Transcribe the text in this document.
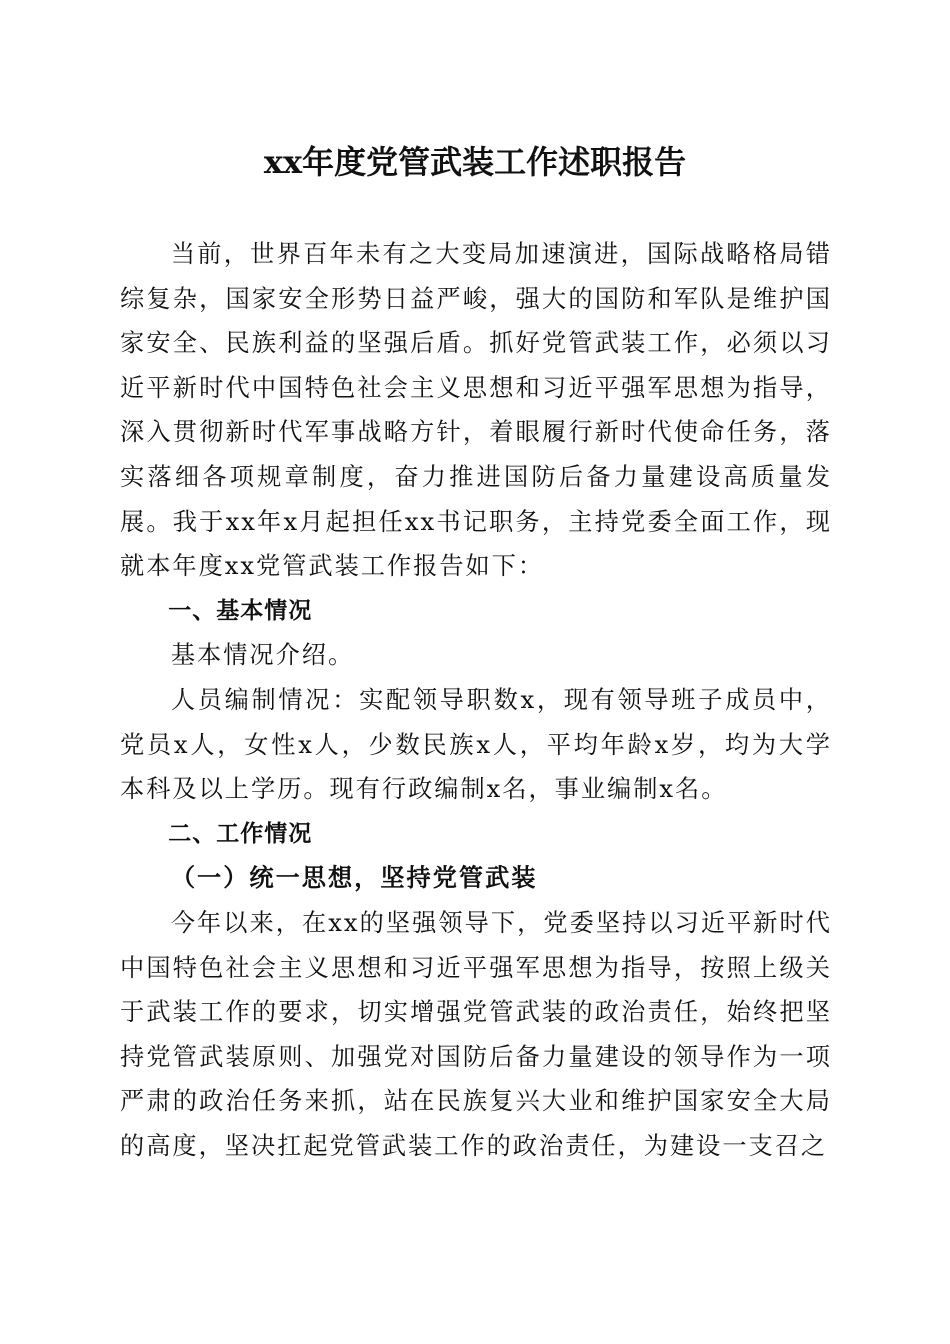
xx年度党管武装工作述职报告

当前，世界百年未有之大变局加速演进，国际战略格局错综复杂，国家安全形势日益严峻，强大的国防和军队是维护国家安全、民族利益的坚强后盾。抓好党管武装工作，必须以习近平新时代中国特色社会主义思想和习近平强军思想为指导，深入贯彻新时代军事战略方针，着眼履行新时代使命任务，落实落细各项规章制度，奋力推进国防后备力量建设高质量发展。我于xx年x月起担任xx书记职务，主持党委全面工作，现就本年度xx党管武装工作报告如下：

一、基本情况

基本情况介绍。

人员编制情况：实配领导职数x，现有领导班子成员中，党员x人，女性x人，少数民族x人，平均年龄x岁，均为大学本科及以上学历。现有行政编制x名，事业编制x名。

二、工作情况

（一）统一思想，坚持党管武装

今年以来，在xx的坚强领导下，党委坚持以习近平新时代中国特色社会主义思想和习近平强军思想为指导，按照上级关于武装工作的要求，切实增强党管武装的政治责任，始终把坚持党管武装原则、加强党对国防后备力量建设的领导作为一项严肃的政治任务来抓，站在民族复兴大业和维护国家安全大局的高度，坚决扛起党管武装工作的政治责任，为建设一支召之
